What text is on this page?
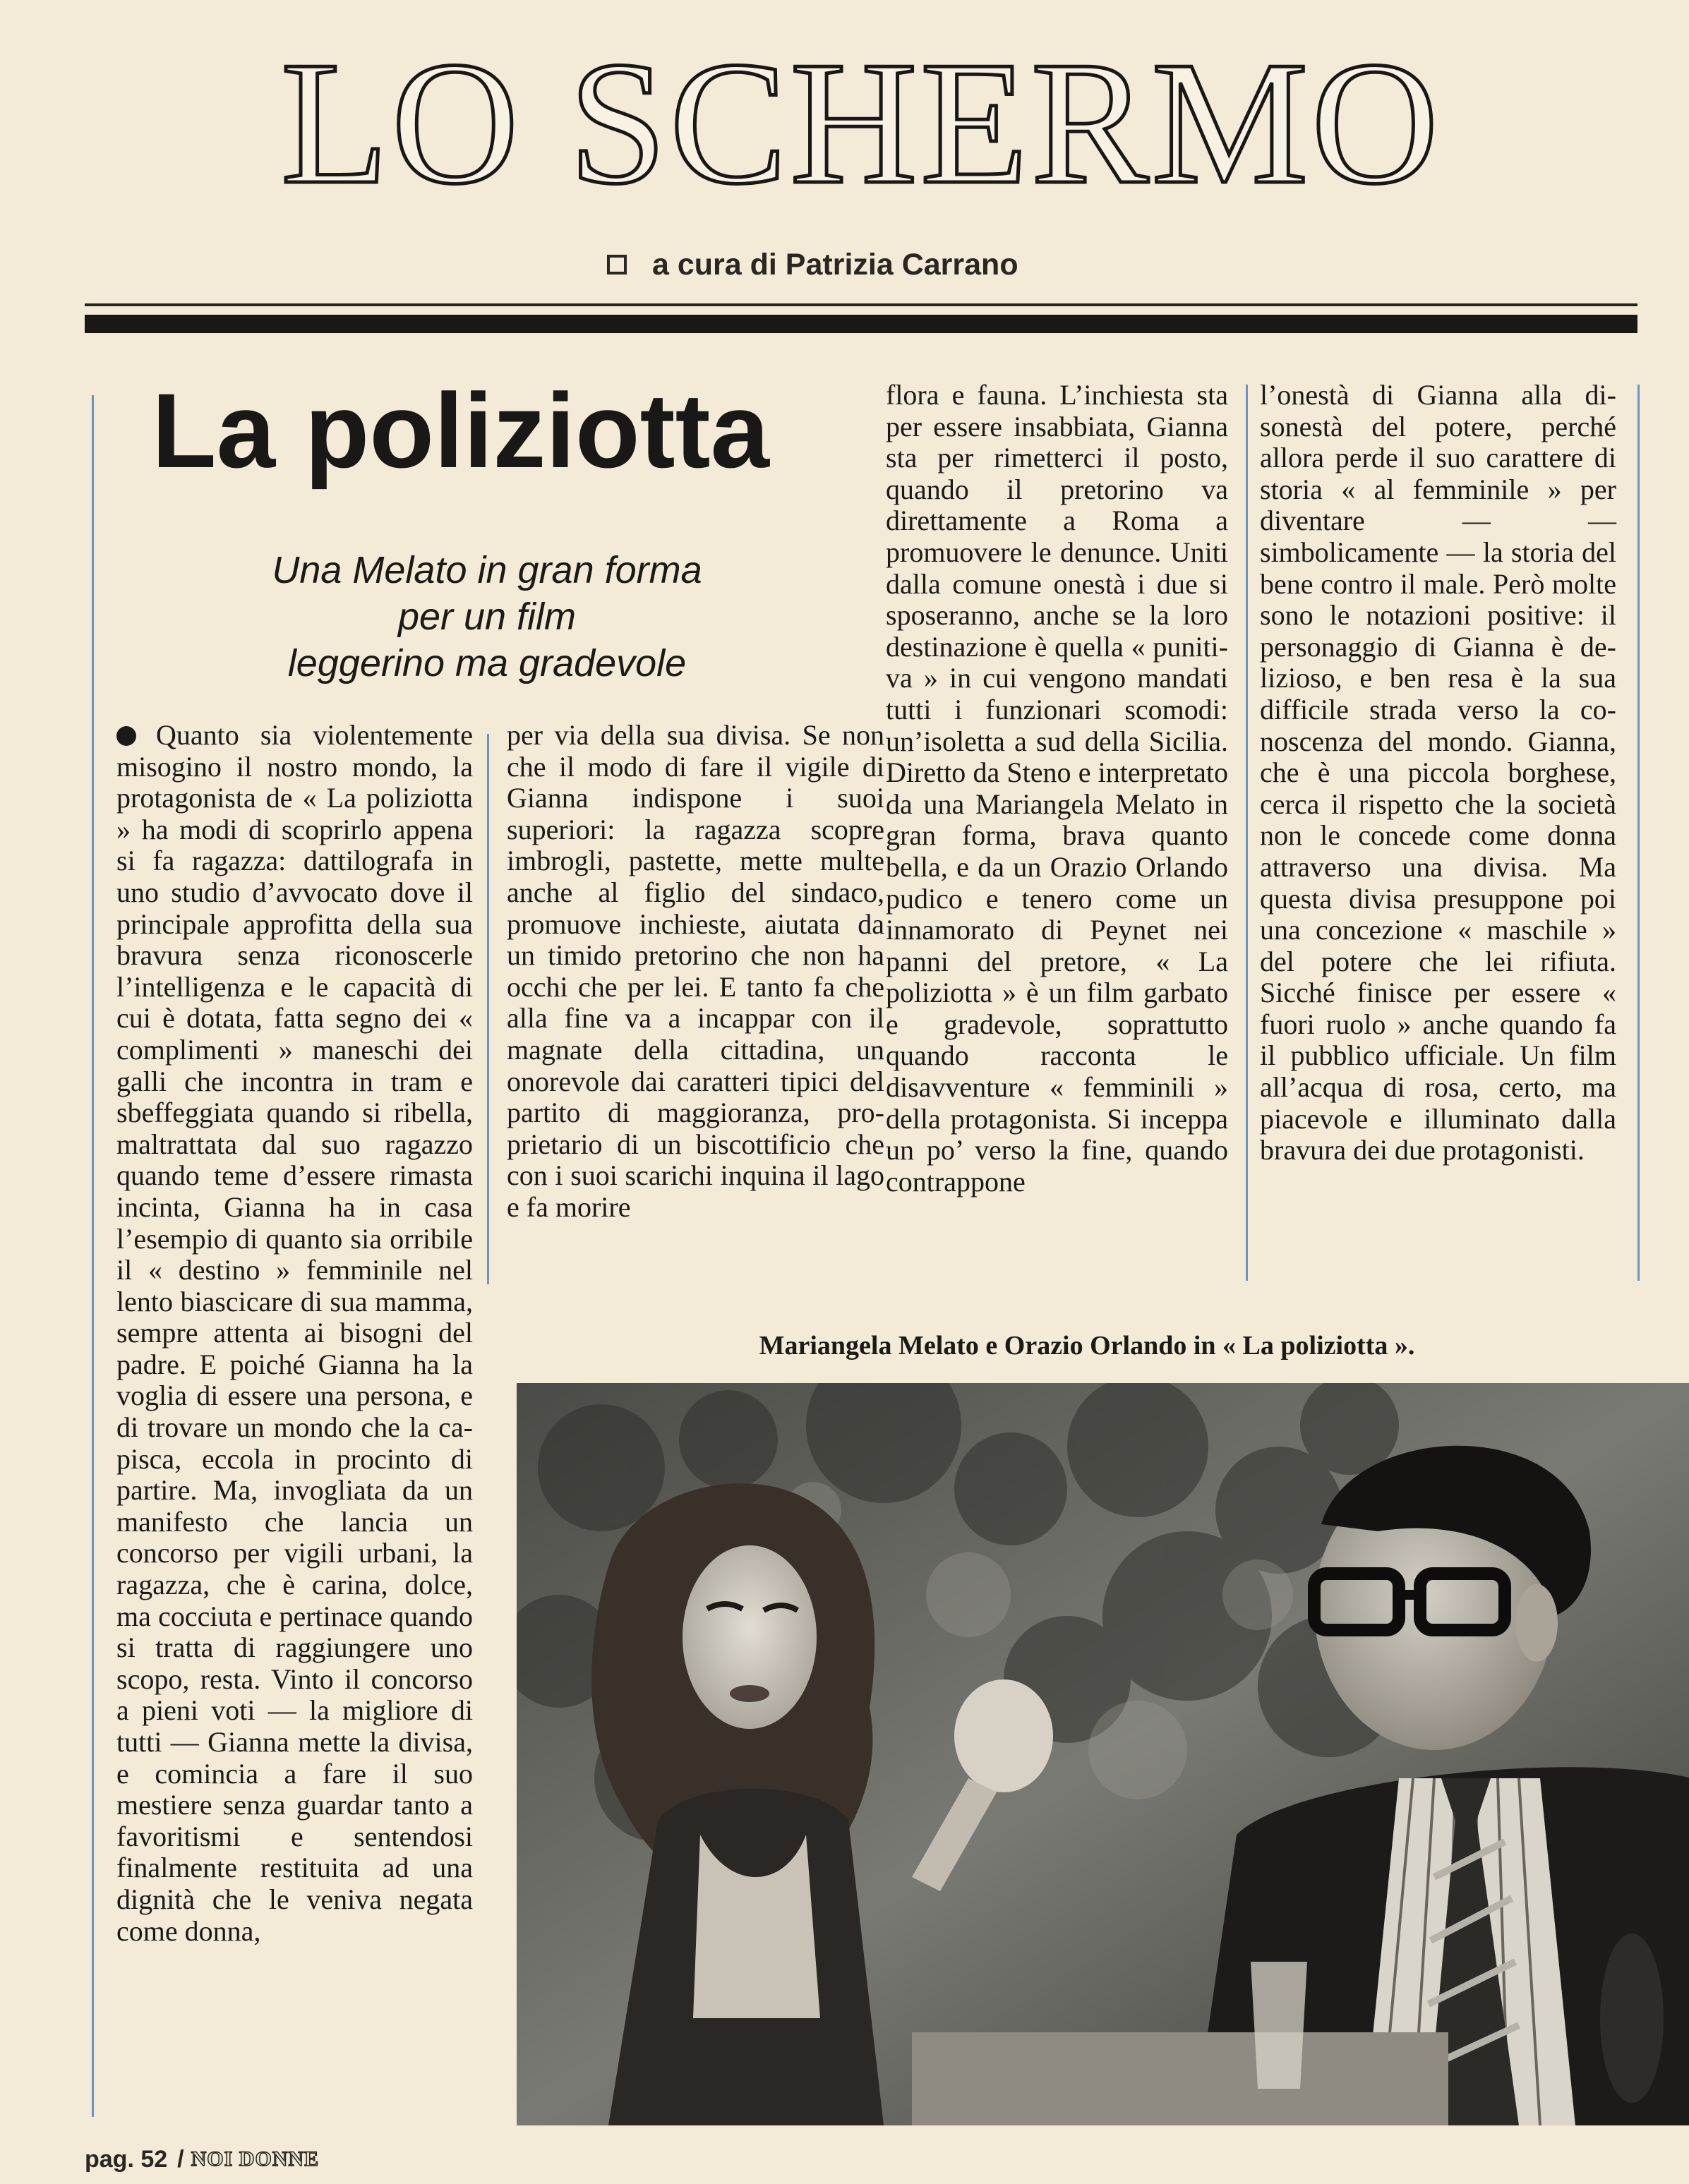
LO SCHERMO
a cura di Patrizia Carrano
La poliziotta
Una Melato in gran forma
per un film
leggerino ma gradevole
Quanto sia violentemente misogino il nostro mondo, la protagonista de « La poliziotta » ha modi di scoprirlo appena si fa ragazza: dattilografa in uno studio d’avvocato dove il principale approfitta della sua bravura senza riconoscerle l’intelligenza e le capacità di cui è dotata, fatta segno dei « complimenti » maneschi dei galli che incontra in tram e sbeffeggiata quando si ribella, maltrattata dal suo ragazzo quando teme d’essere rimasta incinta, Gianna ha in casa l’esempio di quanto sia orribile il « destino » femminile nel lento biascicare di sua mamma, sempre attenta ai bisogni del padre. E poiché Gianna ha la voglia di essere una persona, e di trovare un mondo che la capisca, eccola in procinto di partire. Ma, invogliata da un manifesto che lancia un concorso per vigili urbani, la ragazza, che è carina, dolce, ma cocciuta e pertinace quando si tratta di raggiungere uno scopo, resta. Vinto il concorso a pieni voti — la migliore di tutti — Gianna mette la divisa, e comincia a fare il suo mestiere senza guardar tanto a favoritismi e sentendosi finalmente restituita ad una dignità che le veniva negata come donna,
per via della sua divisa. Se non che il modo di fare il vigile di Gianna indispone i suoi superiori: la ragazza scopre imbrogli, pastette, mette multe anche al figlio del sindaco, promuove inchieste, aiutata da un timido pretorino che non ha occhi che per lei. E tanto fa che alla fine va a incappar con il magnate della cittadina, un onorevole dai caratteri tipici del partito di maggioranza, proprietario di un biscottificio che con i suoi scarichi inquina il lago e fa morire
flora e fauna. L’inchiesta sta per essere insabbiata, Gianna sta per rimetterci il posto, quando il pretorino va direttamente a Roma a promuovere le denunce. Uniti dalla comune onestà i due si sposeranno, anche se la loro destinazione è quella « punitiva » in cui vengono mandati tutti i funzionari scomodi: un’isoletta a sud della Sicilia. Diretto da Steno e interpretato da una Mariangela Melato in gran forma, brava quanto bella, e da un Orazio Orlando pudico e tenero come un innamorato di Peynet nei panni del pretore, « La poliziotta » è un film garbato e gradevole, soprattutto quando racconta le disavventure « femminili » della protagonista. Si inceppa un po’ verso la fine, quando contrappone
l’onestà di Gianna alla disonestà del potere, perché allora perde il suo carattere di storia « al femminile » per diventare — — simbolicamente — la storia del bene contro il male. Però molte sono le notazioni positive: il personaggio di Gianna è delizioso, e ben resa è la sua difficile strada verso la conoscenza del mondo. Gianna, che è una piccola borghese, cerca il rispetto che la società non le concede come donna attraverso una divisa. Ma questa divisa presuppone poi una concezione « maschile » del potere che lei rifiuta. Sicché finisce per essere « fuori ruolo » anche quando fa il pubblico ufficiale. Un film all’acqua di rosa, certo, ma piacevole e illuminato dalla bravura dei due protagonisti.
Mariangela Melato e Orazio Orlando in « La poliziotta ».
pag. 52 / NOI DONNE
